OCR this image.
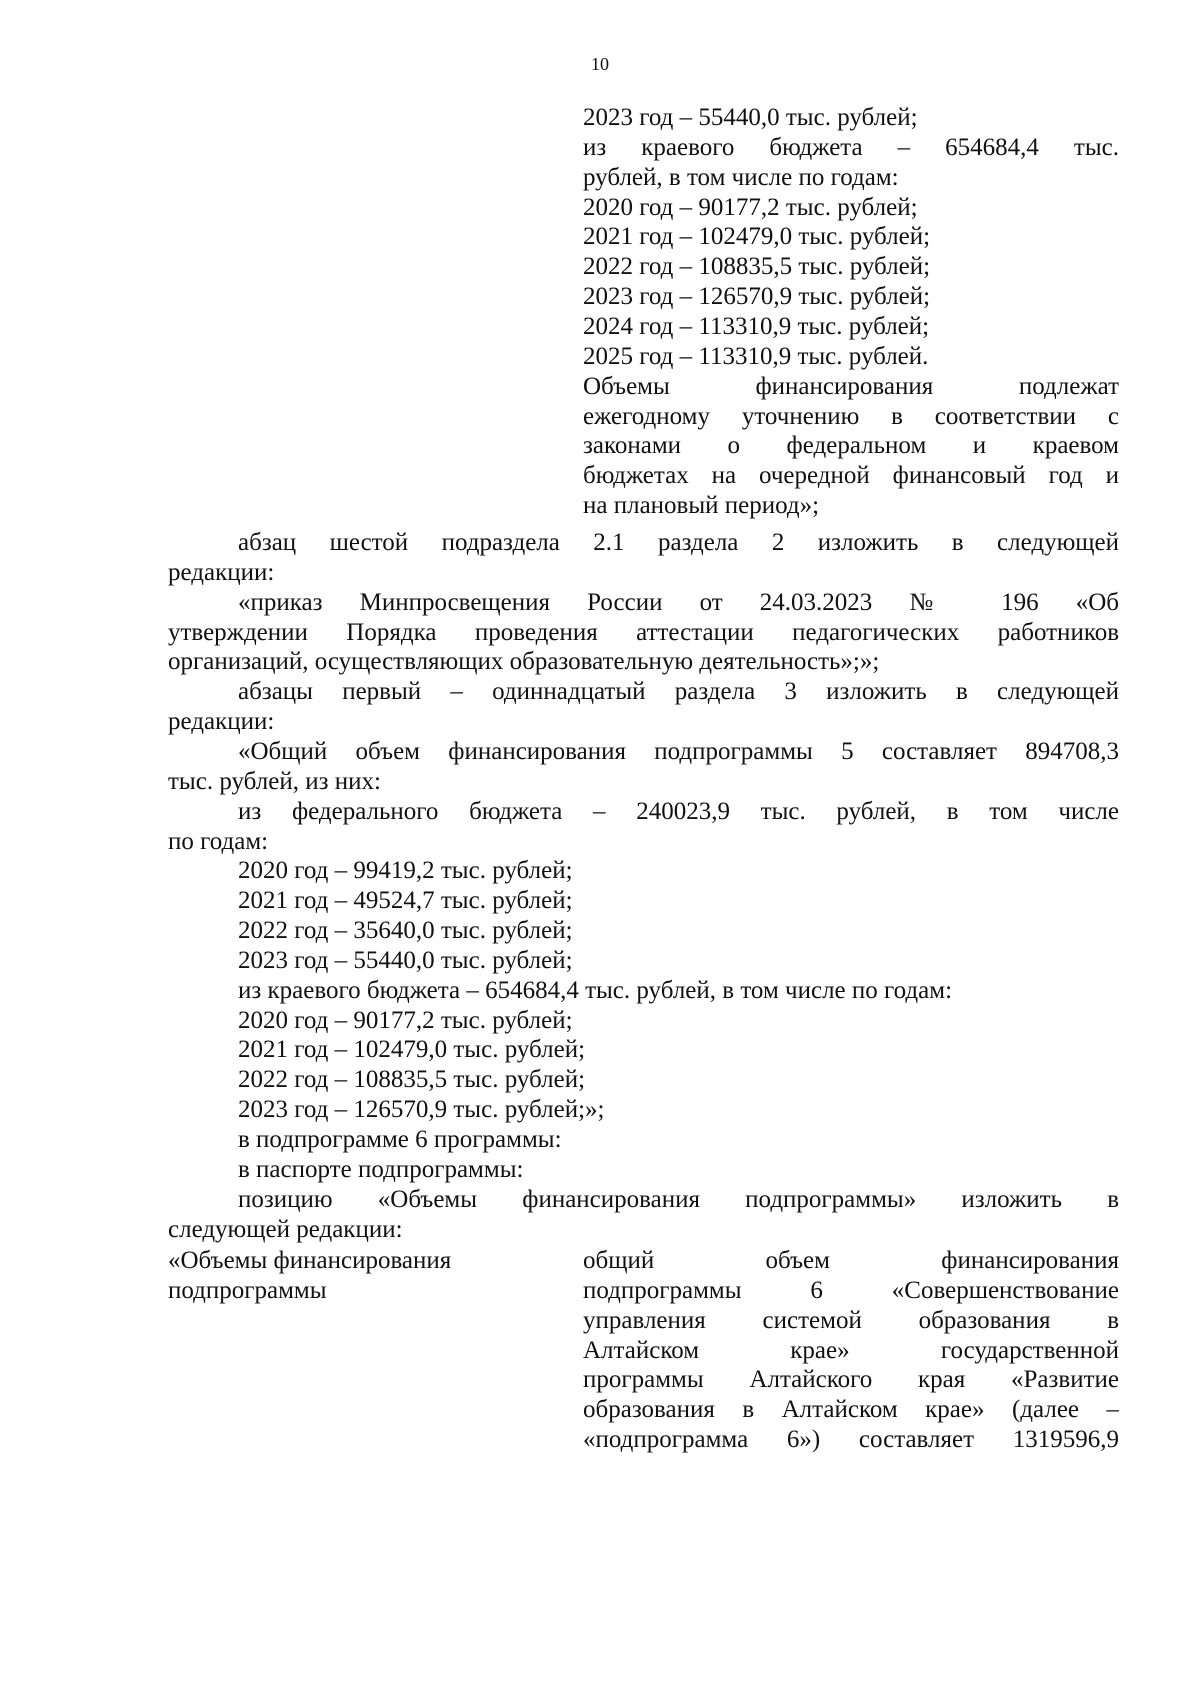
10
2023 год – 55440,0 тыс. рублей;
из краевого бюджета – 654684,4 тыс.
рублей, в том числе по годам:
2020 год – 90177,2 тыс. рублей;
2021 год – 102479,0 тыс. рублей;
2022 год – 108835,5 тыс. рублей;
2023 год – 126570,9 тыс. рублей;
2024 год – 113310,9 тыс. рублей;
2025 год – 113310,9 тыс. рублей.
Объемы финансирования подлежат
ежегодному уточнению в соответствии с
законами о федеральном и краевом
бюджетах на очередной финансовый год и
на плановый период»;
абзац шестой подраздела 2.1 раздела 2 изложить в следующей
редакции:
«приказ Минпросвещения России от 24.03.2023 № 196 «Об
утверждении Порядка проведения аттестации педагогических работников
организаций, осуществляющих образовательную деятельность»;»;
абзацы первый – одиннадцатый раздела 3 изложить в следующей
редакции:
«Общий объем финансирования подпрограммы 5 составляет 894708,3
тыс. рублей, из них:
из федерального бюджета – 240023,9 тыс. рублей, в том числе
по годам:
2020 год – 99419,2 тыс. рублей;
2021 год – 49524,7 тыс. рублей;
2022 год – 35640,0 тыс. рублей;
2023 год – 55440,0 тыс. рублей;
из краевого бюджета – 654684,4 тыс. рублей, в том числе по годам:
2020 год – 90177,2 тыс. рублей;
2021 год – 102479,0 тыс. рублей;
2022 год – 108835,5 тыс. рублей;
2023 год – 126570,9 тыс. рублей;»;
в подпрограмме 6 программы:
в паспорте подпрограммы:
позицию «Объемы финансирования подпрограммы» изложить в
следующей редакции:
«Объемы финансирования
подпрограммы
общий объем финансирования
подпрограммы 6 «Совершенствование
управления системой образования в
Алтайском крае» государственной
программы Алтайского края «Развитие
образования в Алтайском крае» (далее –
«подпрограмма 6») составляет 1319596,9
